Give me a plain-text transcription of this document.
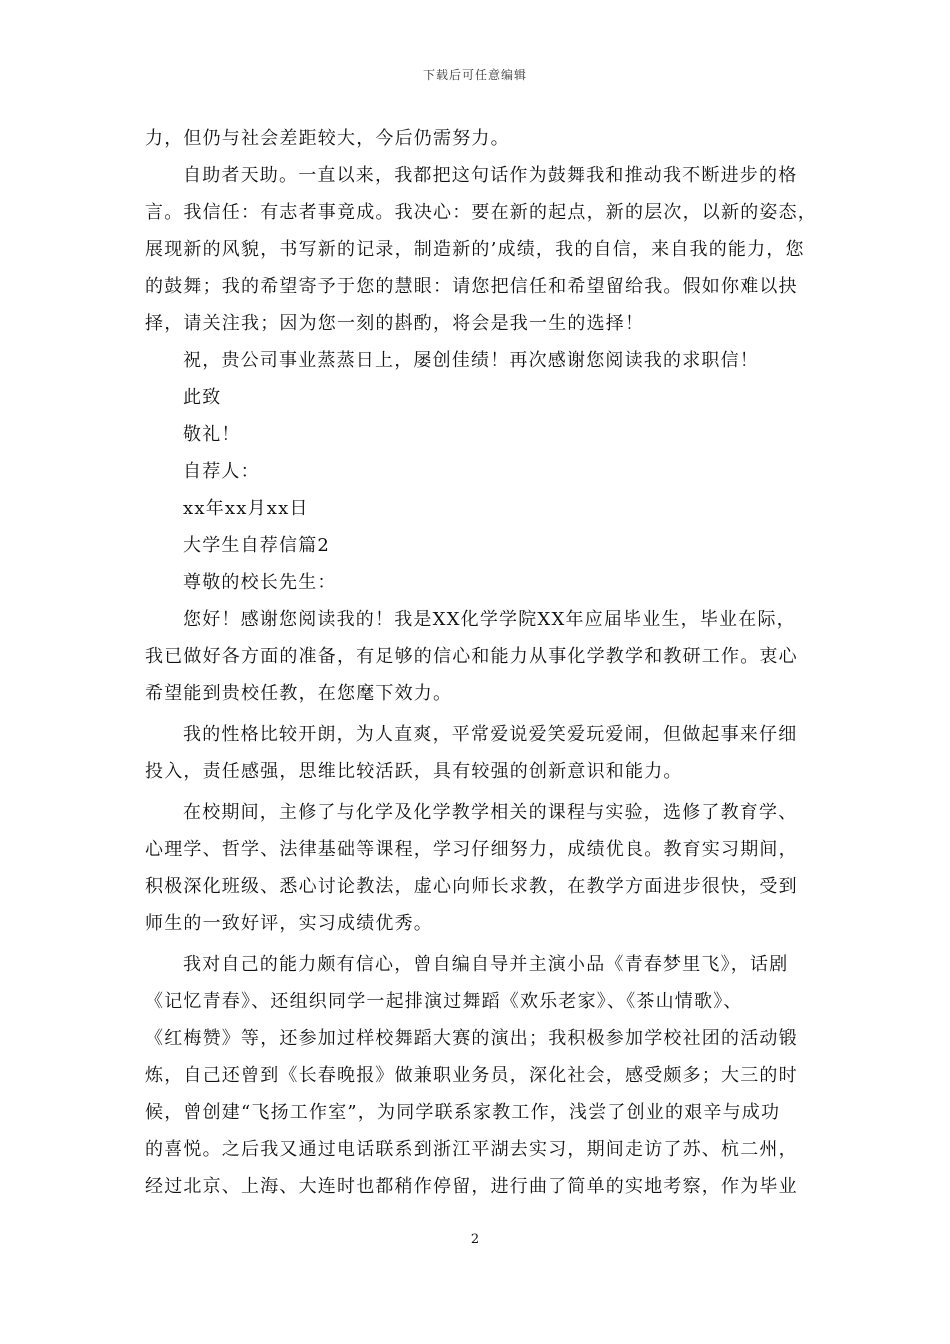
下载后可任意编辑
力，但仍与社会差距较大，今后仍需努力。
自助者天助。一直以来，我都把这句话作为鼓舞我和推动我不断进步的格
言。我信任：有志者事竟成。我决心：要在新的起点，新的层次，以新的姿态，
展现新的风貌，书写新的记录，制造新的’成绩，我的自信，来自我的能力，您
的鼓舞；我的希望寄予于您的慧眼：请您把信任和希望留给我。假如你难以抉
择，请关注我；因为您一刻的斟酌，将会是我一生的选择！
祝，贵公司事业蒸蒸日上，屡创佳绩！再次感谢您阅读我的求职信！
此致
敬礼！
自荐人：
xx年xx月xx日
大学生自荐信篇2
尊敬的校长先生：
您好！感谢您阅读我的！我是XX化学学院XX年应届毕业生，毕业在际，
我已做好各方面的准备，有足够的信心和能力从事化学教学和教研工作。衷心
希望能到贵校任教，在您麾下效力。
我的性格比较开朗，为人直爽，平常爱说爱笑爱玩爱闹，但做起事来仔细
投入，责任感强，思维比较活跃，具有较强的创新意识和能力。
在校期间，主修了与化学及化学教学相关的课程与实验，选修了教育学、
心理学、哲学、法律基础等课程，学习仔细努力，成绩优良。教育实习期间，
积极深化班级、悉心讨论教法，虚心向师长求教，在教学方面进步很快，受到
师生的一致好评，实习成绩优秀。
我对自己的能力颇有信心，曾自编自导并主演小品《青春梦里飞》，话剧
《记忆青春》、还组织同学一起排演过舞蹈《欢乐老家》、《茶山情歌》、
《红梅赞》等，还参加过样校舞蹈大赛的演出；我积极参加学校社团的活动锻
炼，自己还曾到《长春晚报》做兼职业务员，深化社会，感受颇多；大三的时
候，曾创建“飞扬工作室”，为同学联系家教工作，浅尝了创业的艰辛与成功
的喜悦。之后我又通过电话联系到浙江平湖去实习，期间走访了苏、杭二州，
经过北京、上海、大连时也都稍作停留，进行曲了简单的实地考察，作为毕业
2
